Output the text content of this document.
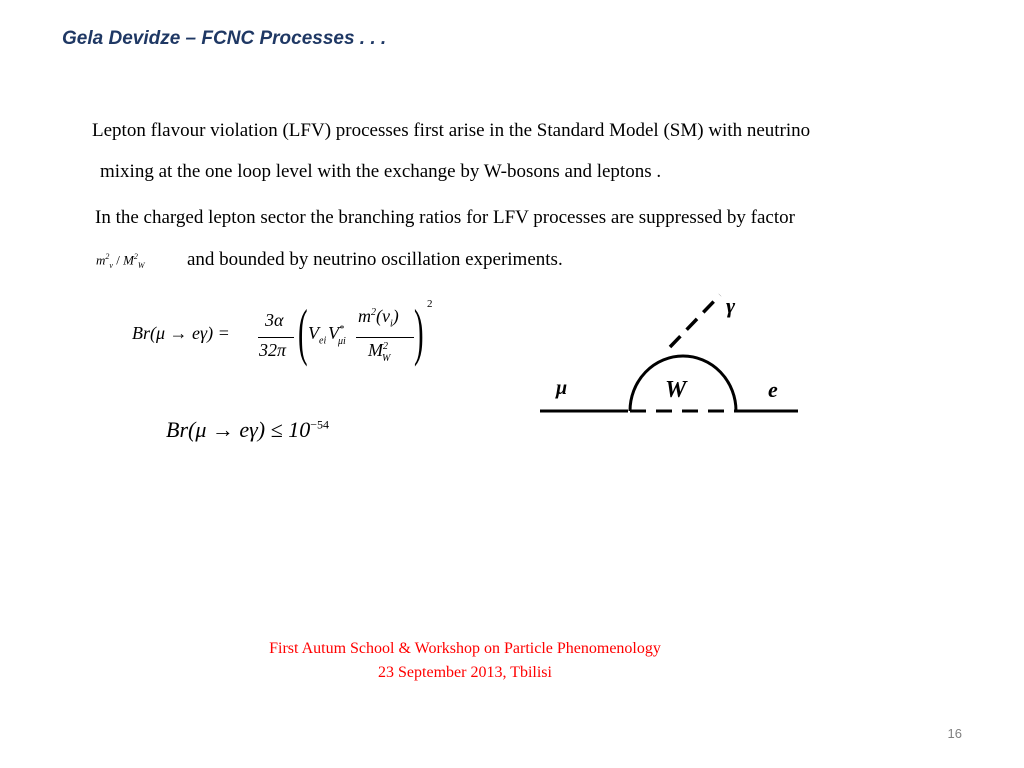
Gela Devidze – FCNC Processes . . .
Lepton flavour violation (LFV) processes first arise in the Standard Model (SM) with neutrino
mixing at the one loop level with the exchange by W-bosons and leptons .
In the charged lepton sector the branching ratios for LFV processes are suppressed by factor
$m^2_\nu / M^2_W$ and bounded by neutrino oscillation experiments.
Br(μ → eγ) =
3α
32π ( $V_{ei}$ $V^*_{\mu i}$
$m^2(\nu_i)$
$M^2_W$ ) 2
$Br(\mu \to e\gamma) \le 10^{-54}$
γ
μ	W	e
First Autum School & Workshop on Particle Phenomenology
23 September 2013, Tbilisi
16
